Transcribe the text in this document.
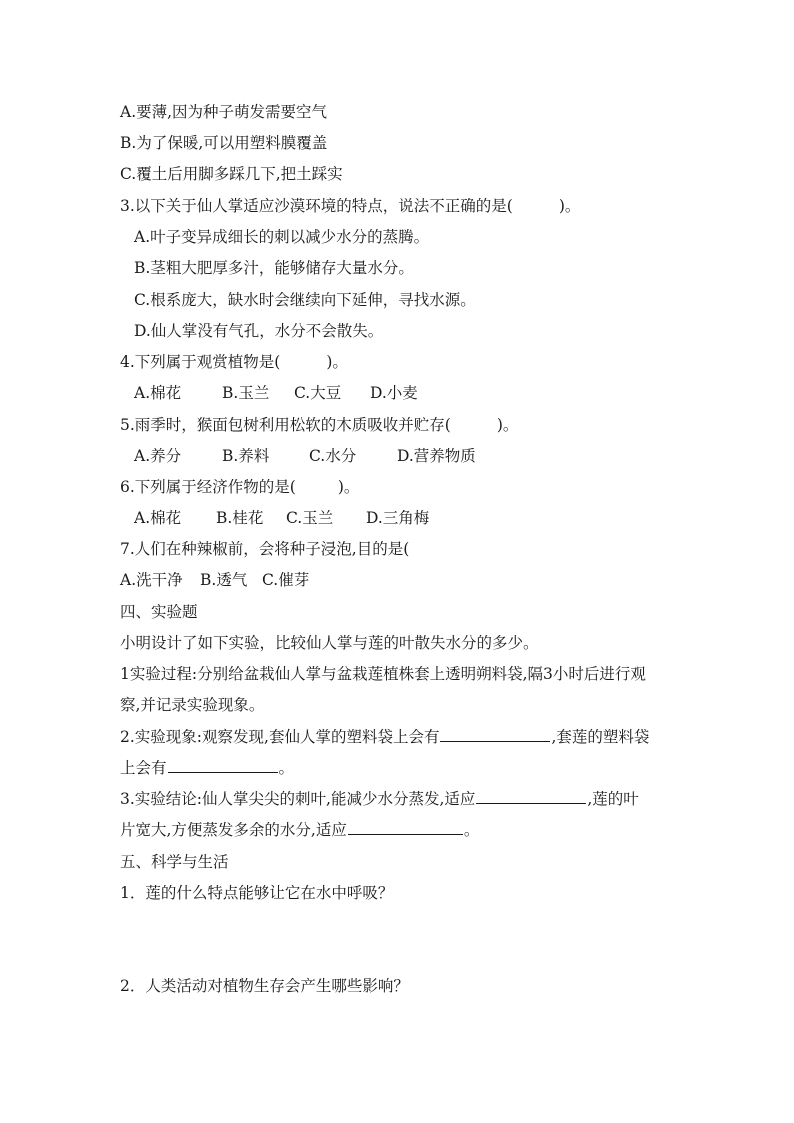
A.要薄,因为种子萌发需要空气
B.为了保暖,可以用塑料膜覆盖
C.覆土后用脚多踩几下,把土踩实
3.以下关于仙人掌适应沙漠环境的特点，说法不正确的是(	)。
A.叶子变异成细长的刺以减少水分的蒸腾。
B.茎粗大肥厚多汁，能够储存大量水分。
C.根系庞大，缺水时会继续向下延伸，寻找水源。
D.仙人掌没有气孔，水分不会散失。
4.下列属于观赏植物是(	)。
A.棉花	B.玉兰 C.大豆 D.小麦
5.雨季时，猴面包树利用松软的木质吸收并贮存(	)。
A.养分	B.养料	C.水分	D.营养物质
6.下列属于经济作物的是(	)。
A.棉花 B.桂花 C.玉兰 D.三角梅
7.人们在种辣椒前，会将种子浸泡,目的是(
A.洗干净 B.透气 C.催芽
四、实验题
小明设计了如下实验，比较仙人掌与莲的叶散失水分的多少。
1实验过程:分别给盆栽仙人掌与盆栽莲植株套上透明朔料袋,隔3小时后进行观
察,并记录实验现象。
2.实验现象:观察发现,套仙人掌的塑料袋上会有	,套莲的塑料袋
上会有	。
3.实验结论:仙人掌尖尖的刺叶,能减少水分蒸发,适应	,莲的叶
片宽大,方便蒸发多余的水分,适应	。
五、科学与生活
1．莲的什么特点能够让它在水中呼吸？
2．人类活动对植物生存会产生哪些影响？
